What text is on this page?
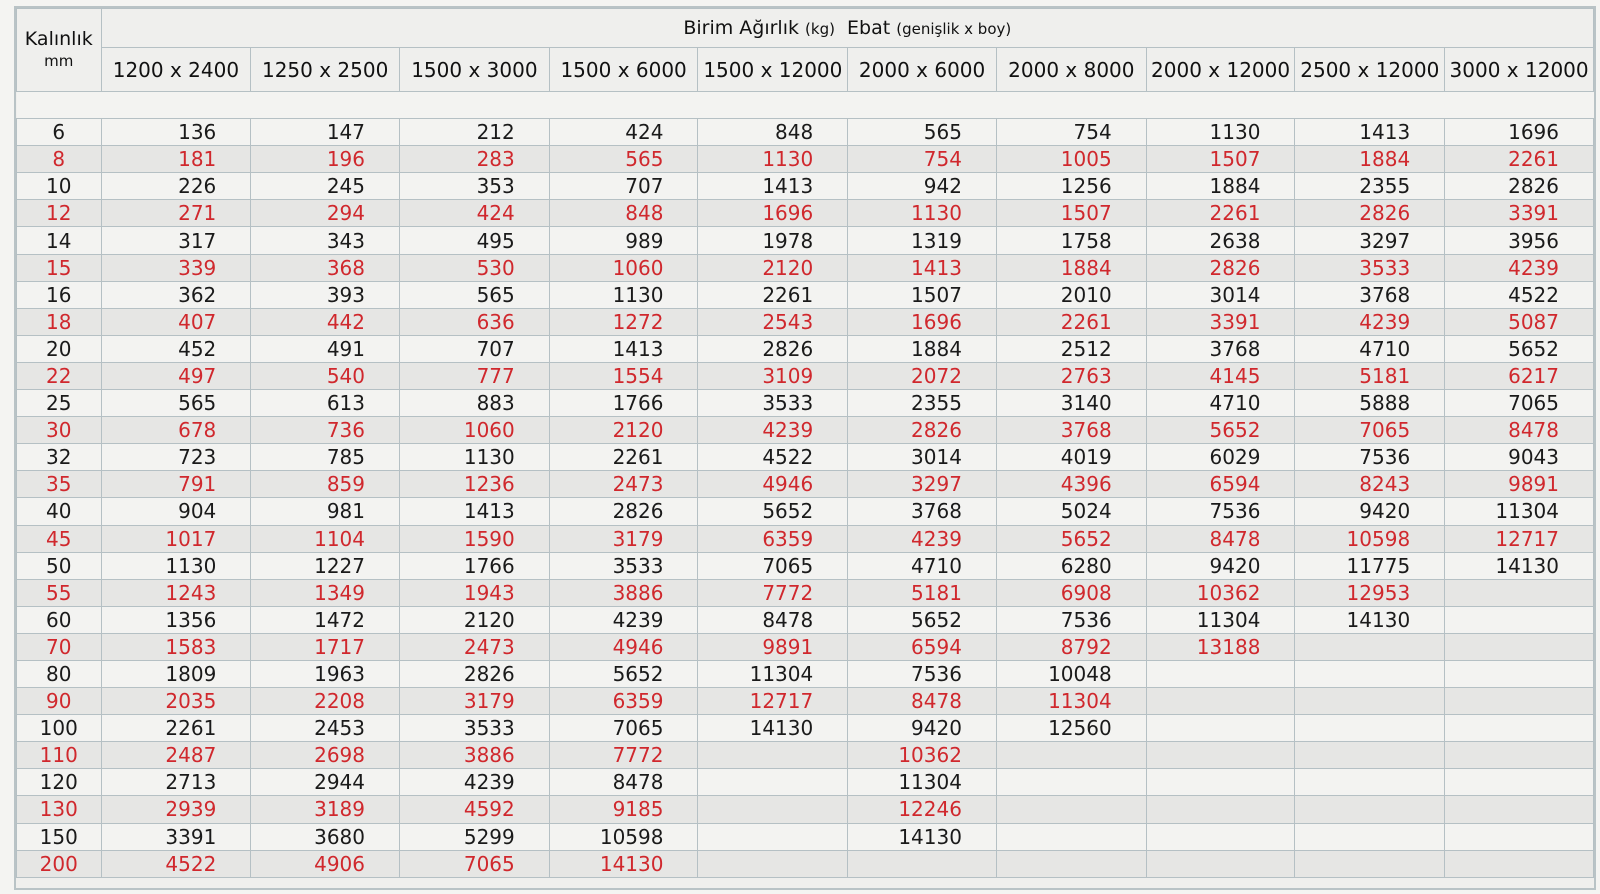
Kalınlık
mm	Birim Ağırlık (kg) Ebat (genişlik x boy)									
	1200 x 2400	1250 x 2500	1500 x 3000	1500 x 6000	1500 x 12000	2000 x 6000	2000 x 8000	2000 x 12000	2500 x 12000	3000 x 12000

6	136	147	212	424	848	565	754	1130	1413	1696
8	181	196	283	565	1130	754	1005	1507	1884	2261
10	226	245	353	707	1413	942	1256	1884	2355	2826
12	271	294	424	848	1696	1130	1507	2261	2826	3391
14	317	343	495	989	1978	1319	1758	2638	3297	3956
15	339	368	530	1060	2120	1413	1884	2826	3533	4239
16	362	393	565	1130	2261	1507	2010	3014	3768	4522
18	407	442	636	1272	2543	1696	2261	3391	4239	5087
20	452	491	707	1413	2826	1884	2512	3768	4710	5652
22	497	540	777	1554	3109	2072	2763	4145	5181	6217
25	565	613	883	1766	3533	2355	3140	4710	5888	7065
30	678	736	1060	2120	4239	2826	3768	5652	7065	8478
32	723	785	1130	2261	4522	3014	4019	6029	7536	9043
35	791	859	1236	2473	4946	3297	4396	6594	8243	9891
40	904	981	1413	2826	5652	3768	5024	7536	9420	11304
45	1017	1104	1590	3179	6359	4239	5652	8478	10598	12717
50	1130	1227	1766	3533	7065	4710	6280	9420	11775	14130
55	1243	1349	1943	3886	7772	5181	6908	10362	12953	
60	1356	1472	2120	4239	8478	5652	7536	11304	14130	
70	1583	1717	2473	4946	9891	6594	8792	13188		
80	1809	1963	2826	5652	11304	7536	10048			
90	2035	2208	3179	6359	12717	8478	11304			
100	2261	2453	3533	7065	14130	9420	12560			
110	2487	2698	3886	7772		10362				
120	2713	2944	4239	8478		11304				
130	2939	3189	4592	9185		12246				
150	3391	3680	5299	10598		14130				
200	4522	4906	7065	14130						
